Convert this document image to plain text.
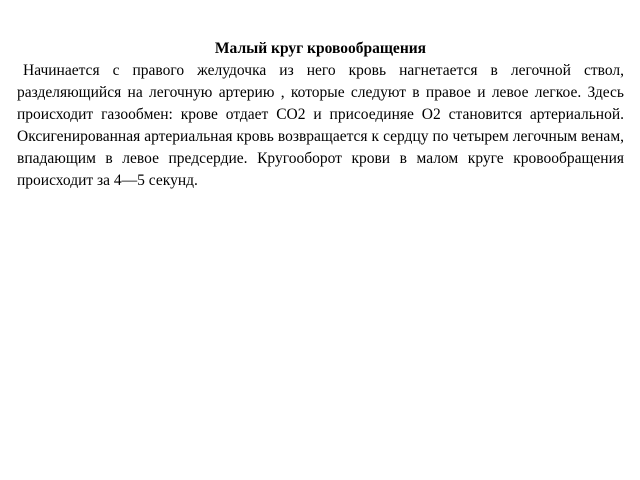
Малый круг кровообращения

Начинается с правого желудочка из него кровь нагнетается в легочной ствол, разделяющийся на легочную артерию , которые следуют в правое и левое легкое. Здесь происходит газообмен: крове отдает СО2 и присоединяе О2 становится артериальной. Оксигенированная артериальная кровь возвращается к сердцу по четырем легочным венам, впадающим в левое предсердие. Кругооборот крови в малом круге кровообращения происходит за 4—5 секунд.
